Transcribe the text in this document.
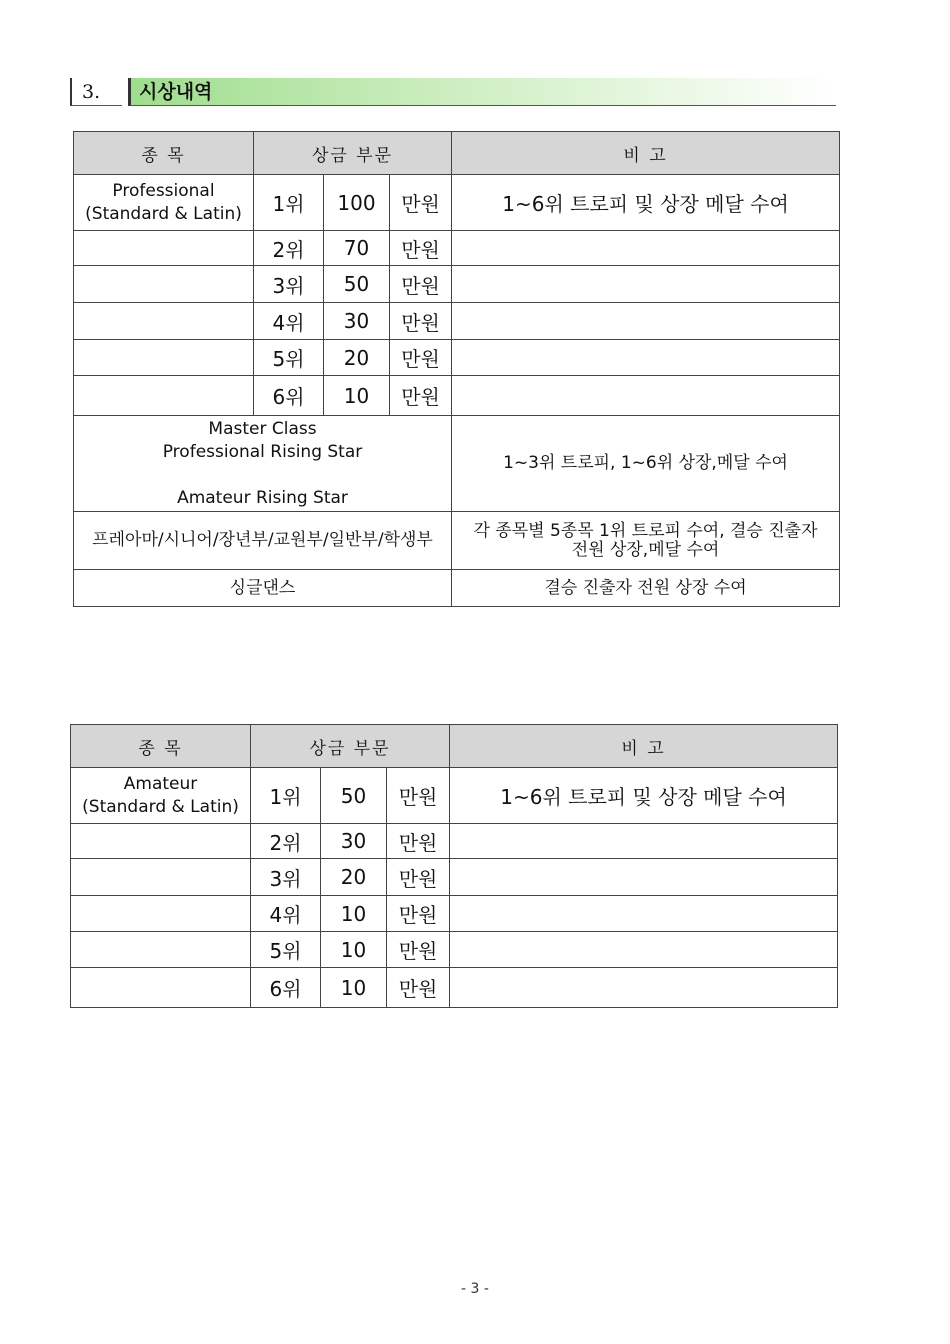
3.	시상내역
종 목	상금 부문			비 고

Professional
(Standard & Latin)	1위	100	만원	1~6위 트로피 및 상장 메달 수여
	2위	70	만원	
	3위	50	만원	
	4위	30	만원	
	5위	20	만원	
	6위	10	만원	

Master Class
Professional Rising Star
Amateur Rising Star				1~3위 트로피, 1~6위 상장,메달 수여
프레아마/시니어/장년부/교원부/일반부/학생부				각 종목별 5종목 1위 트로피 수여, 결승 진출자
전원 상장,메달 수여

싱글댄스				결승 진출자 전원 상장 수여
종 목	상금 부문			비 고

Amateur
(Standard & Latin)	1위	50	만원	1~6위 트로피 및 상장 메달 수여
	2위	30	만원	
	3위	20	만원	
	4위	10	만원	
	5위	10	만원	
	6위	10	만원	
- 3 -
